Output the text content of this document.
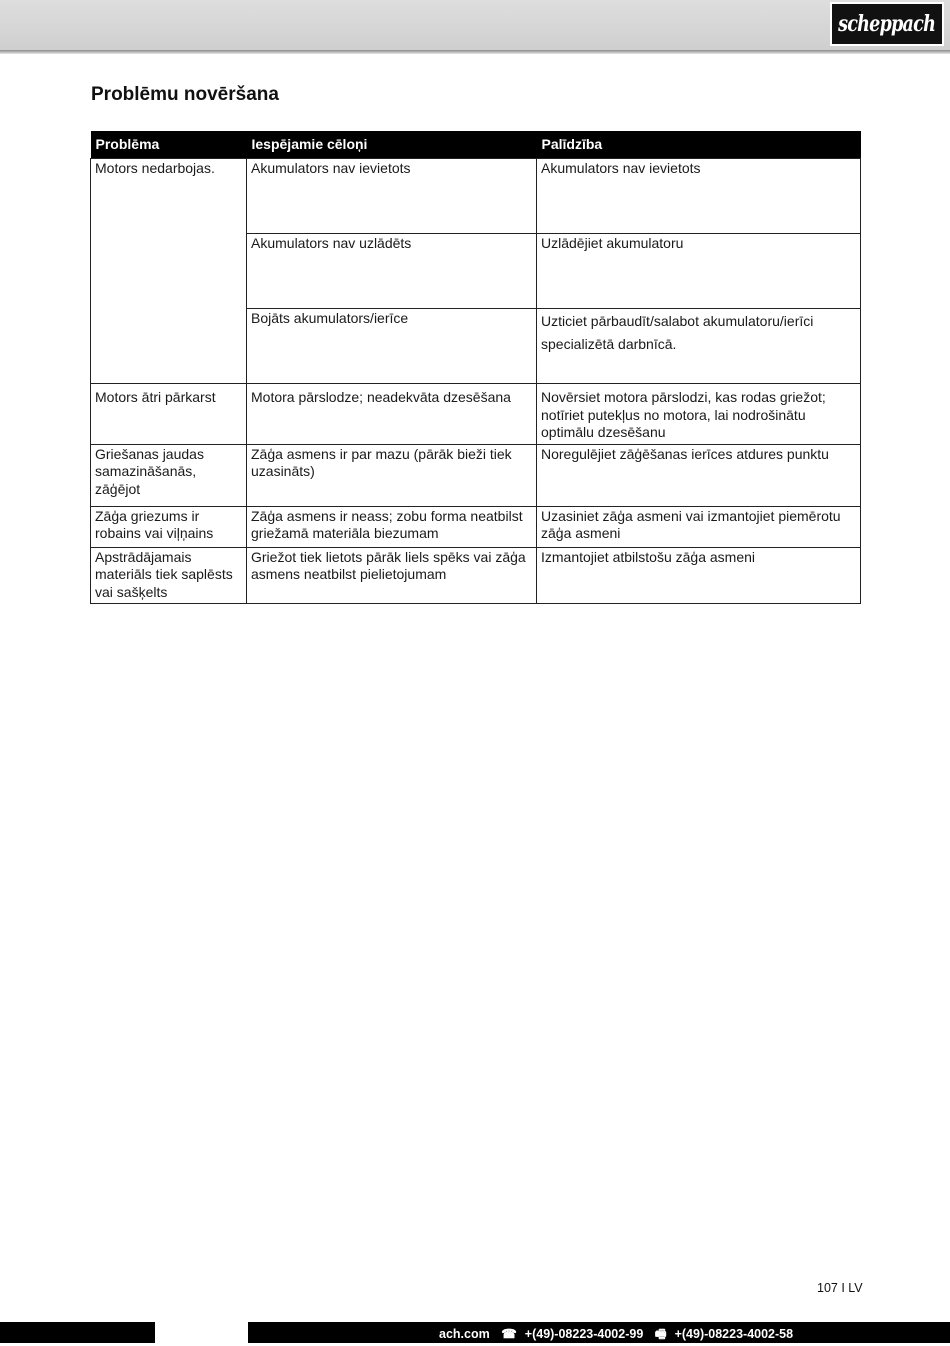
scheppach
Problēmu novēršana
Problēma	Iespējamie cēloņi	Palīdzība
Motors nedarbojas.	Akumulators nav ievietots	Akumulators nav ievietots
	Akumulators nav uzlādēts	Uzlādējiet akumulatoru
	Bojāts akumulators/ierīce	Uzticiet pārbaudīt/salabot akumulatoru/ierīci specializētā darbnīcā.
Motors ātri pārkarst	Motora pārslodze; neadekvāta dzesēšana	Novērsiet motora pārslodzi, kas rodas griežot; notīriet putekļus no motora, lai nodrošinātu optimālu dzesēšanu
Griešanas jaudas samazināšanās, zāģējot	Zāģa asmens ir par mazu (pārāk bieži tiek uzasināts)	Noregulējiet zāģēšanas ierīces atdures punktu
Zāģa griezums ir robains vai viļņains	Zāģa asmens ir neass; zobu forma neatbilst griežamā materiāla biezumam	Uzasiniet zāģa asmeni vai izmantojiet piemērotu zāģa asmeni
Apstrādājamais materiāls tiek saplēsts vai sašķelts	Griežot tiek lietots pārāk liels spēks vai zāģa asmens neatbilst pielietojumam	Izmantojiet atbilstošu zāģa asmeni
107 I LV
ach.com ☎ +(49)-08223-4002-99 🖷 +(49)-08223-4002-58
